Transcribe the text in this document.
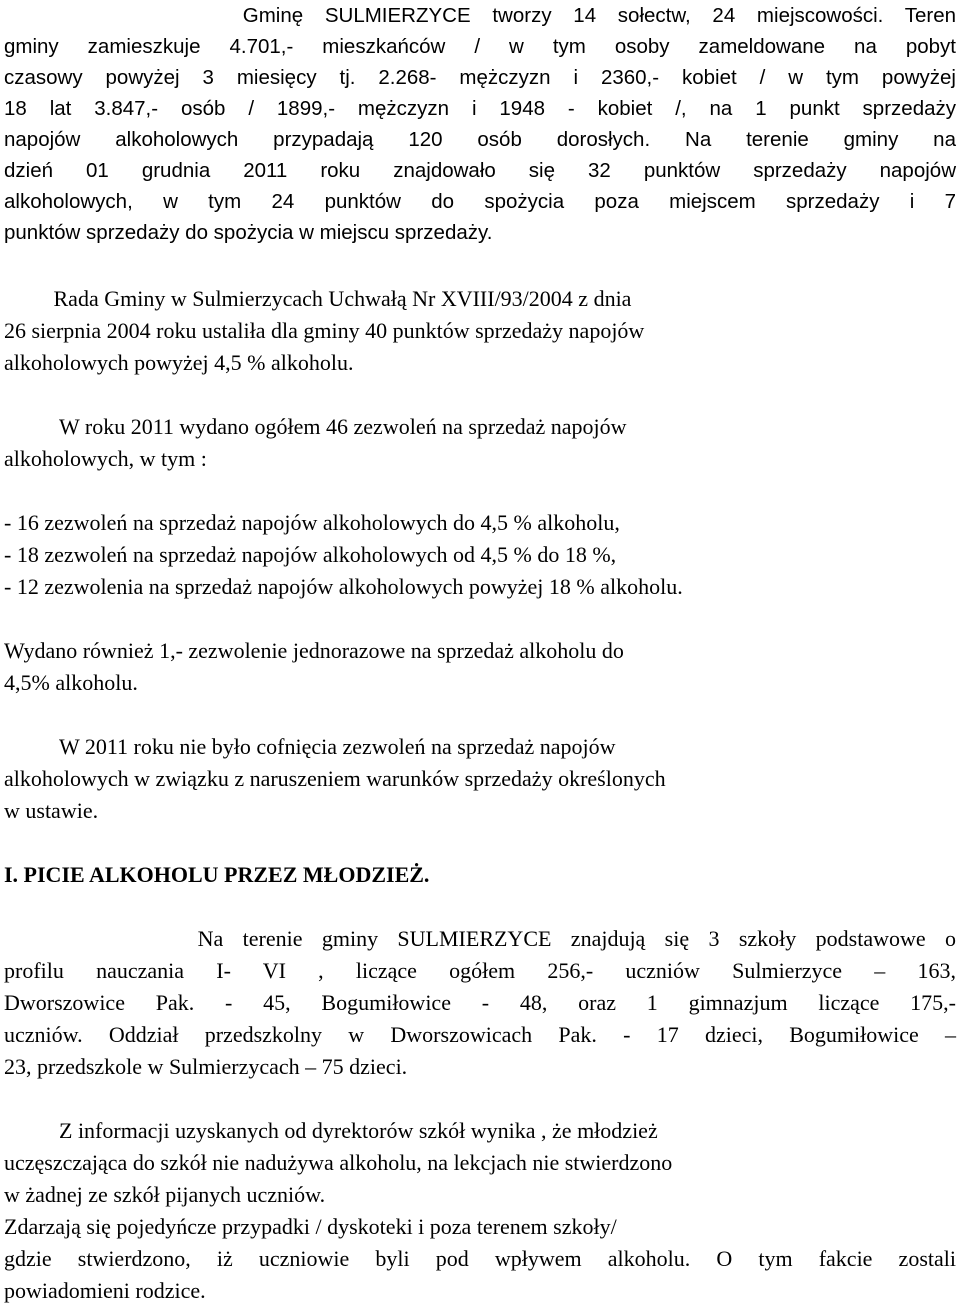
Gminę SULMIERZYCE tworzy 14 sołectw, 24 miejscowości. Teren

gminy zamieszkuje 4.701,- mieszkańców / w tym osoby zameldowane na pobyt

czasowy powyżej 3 miesięcy tj. 2.268- mężczyzn i 2360,- kobiet / w tym powyżej

18 lat 3.847,- osób / 1899,- mężczyzn i 1948 - kobiet /, na 1 punkt sprzedaży

napojów alkoholowych przypadają 120 osób dorosłych. Na terenie gminy na

dzień 01 grudnia 2011 roku znajdowało się 32 punktów sprzedaży napojów

alkoholowych, w tym 24 punktów do spożycia poza miejscem sprzedaży i 7

punktów sprzedaży do spożycia w miejscu sprzedaży.

Rada Gminy w Sulmierzycach Uchwałą Nr XVIII/93/2004 z dnia

26 sierpnia 2004 roku ustaliła dla gminy 40 punktów sprzedaży napojów

alkoholowych powyżej 4,5 % alkoholu.

W roku 2011 wydano ogółem 46 zezwoleń na sprzedaż napojów

alkoholowych, w tym :

- 16 zezwoleń na sprzedaż napojów alkoholowych do 4,5 % alkoholu,

- 18 zezwoleń na sprzedaż napojów alkoholowych od 4,5 % do 18 %,

- 12 zezwolenia na sprzedaż napojów alkoholowych powyżej 18 % alkoholu.

Wydano również 1,- zezwolenie jednorazowe na sprzedaż alkoholu do

4,5% alkoholu.

W 2011 roku nie było cofnięcia zezwoleń na sprzedaż napojów

alkoholowych w związku z naruszeniem warunków sprzedaży określonych

w ustawie.

I. PICIE ALKOHOLU PRZEZ MŁODZIEŻ.

Na terenie gminy SULMIERZYCE znajdują się 3 szkoły podstawowe o

profilu nauczania I- VI , liczące ogółem 256,- uczniów Sulmierzyce – 163,

Dworszowice Pak. - 45, Bogumiłowice - 48, oraz 1 gimnazjum liczące 175,-

uczniów. Oddział przedszkolny w Dworszowicach Pak. - 17 dzieci, Bogumiłowice –

23, przedszkole w Sulmierzycach – 75 dzieci.

Z informacji uzyskanych od dyrektorów szkół wynika , że młodzież

uczęszczająca do szkół nie nadużywa alkoholu, na lekcjach nie stwierdzono

w żadnej ze szkół pijanych uczniów.

Zdarzają się pojedyńcze przypadki / dyskoteki i poza terenem szkoły/

gdzie stwierdzono, iż uczniowie byli pod wpływem alkoholu. O tym fakcie zostali

powiadomieni rodzice.
